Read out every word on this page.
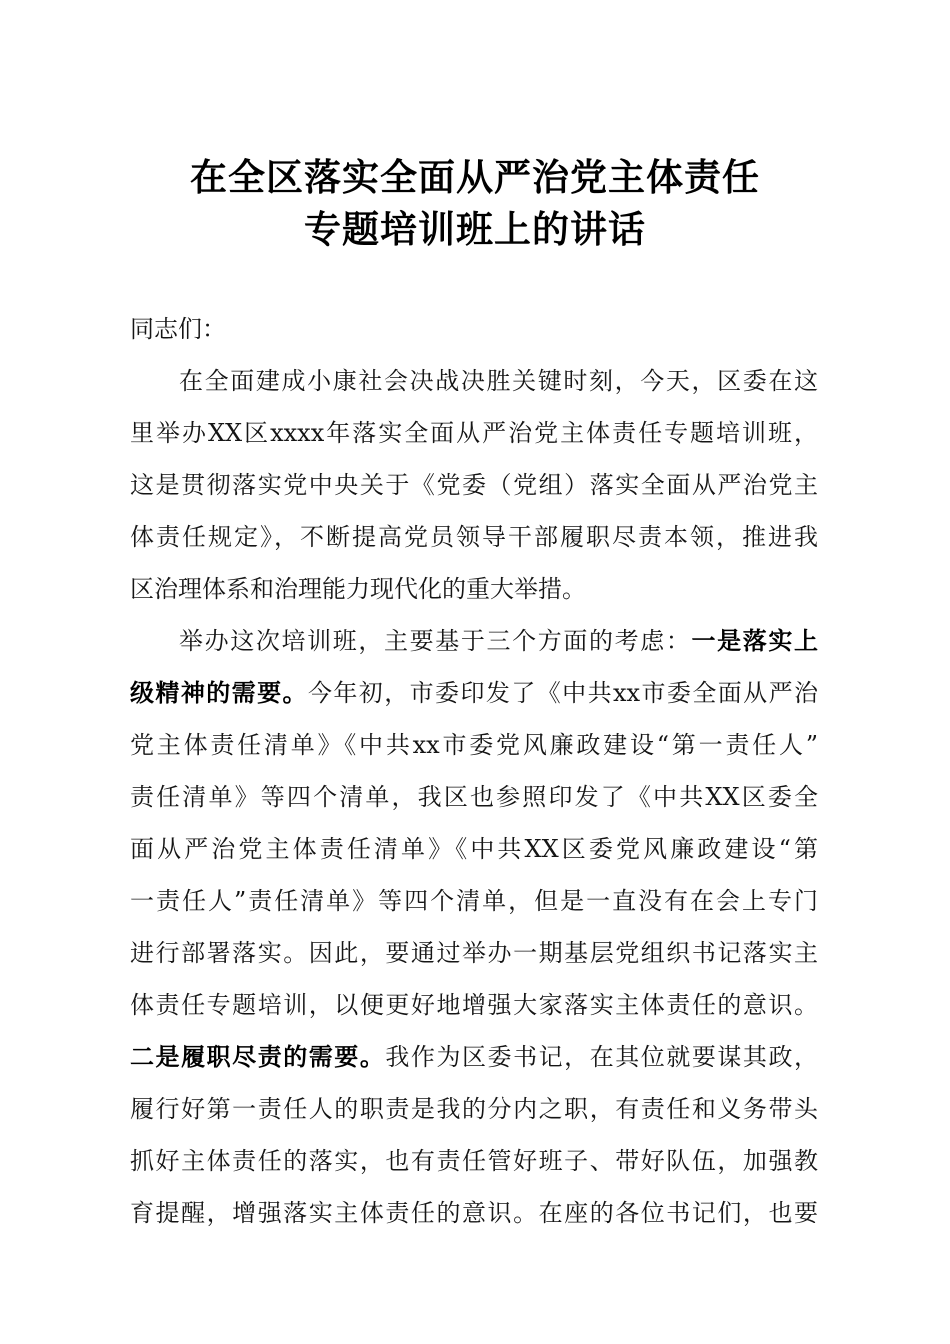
在全区落实全面从严治党主体责任
专题培训班上的讲话
同志们：
在全面建成小康社会决战决胜关键时刻，今天，区委在这
里举办XX区xxxx年落实全面从严治党主体责任专题培训班，
这是贯彻落实党中央关于《党委（党组）落实全面从严治党主
体责任规定》，不断提高党员领导干部履职尽责本领，推进我
区治理体系和治理能力现代化的重大举措。
举办这次培训班，主要基于三个方面的考虑：一是落实上
级精神的需要。今年初，市委印发了《中共xx市委全面从严治
党主体责任清单》《中共xx市委党风廉政建设“第一责任人”
责任清单》等四个清单，我区也参照印发了《中共XX区委全
面从严治党主体责任清单》《中共XX区委党风廉政建设“第
一责任人”责任清单》等四个清单，但是一直没有在会上专门
进行部署落实。因此，要通过举办一期基层党组织书记落实主
体责任专题培训，以便更好地增强大家落实主体责任的意识。
二是履职尽责的需要。我作为区委书记，在其位就要谋其政，
履行好第一责任人的职责是我的分内之职，有责任和义务带头
抓好主体责任的落实，也有责任管好班子、带好队伍，加强教
育提醒，增强落实主体责任的意识。在座的各位书记们，也要
